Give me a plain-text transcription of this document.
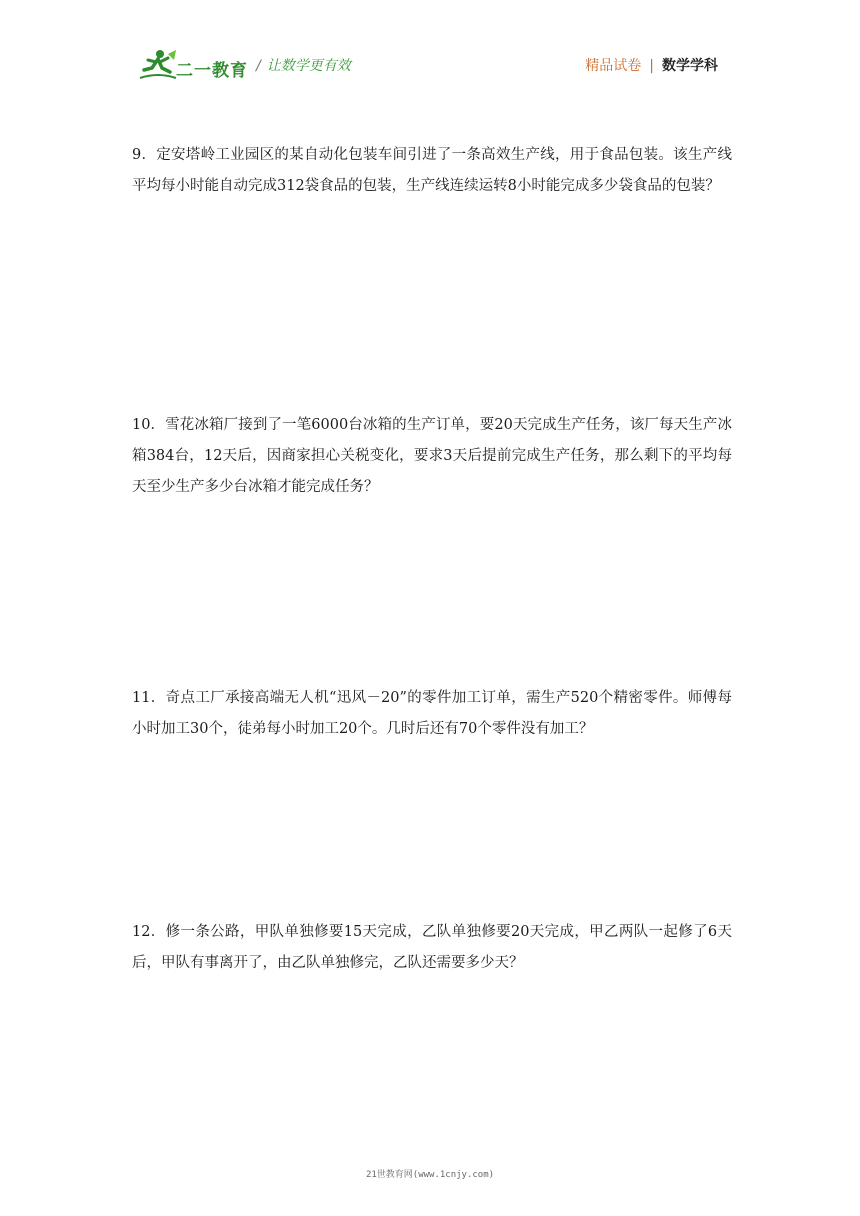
二一教育 / 让数学更有效	精品试卷 | 数学学科
9．定安塔岭工业园区的某自动化包装车间引进了一条高效生产线，用于食品包装。该生产线平均每小时能自动完成312袋食品的包装，生产线连续运转8小时能完成多少袋食品的包装？
10．雪花冰箱厂接到了一笔6000台冰箱的生产订单，要20天完成生产任务，该厂每天生产冰箱384台，12天后，因商家担心关税变化，要求3天后提前完成生产任务，那么剩下的平均每天至少生产多少台冰箱才能完成任务？
11．奇点工厂承接高端无人机“迅风－20”的零件加工订单，需生产520个精密零件。师傅每小时加工30个，徒弟每小时加工20个。几时后还有70个零件没有加工？
12．修一条公路，甲队单独修要15天完成，乙队单独修要20天完成，甲乙两队一起修了6天后，甲队有事离开了，由乙队单独修完，乙队还需要多少天？
21世教育网(www.1cnjy.com)
